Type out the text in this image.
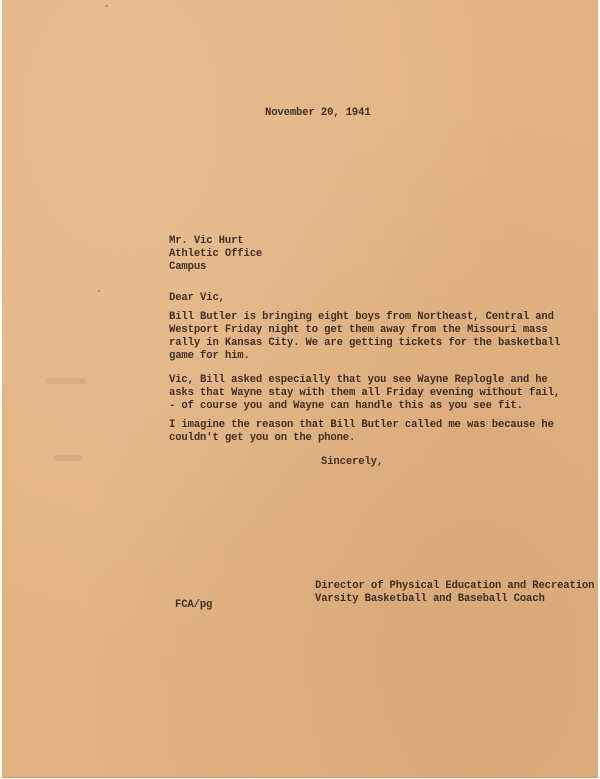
November 20, 1941
Mr. Vic Hurt
Athletic Office
Campus
Dear Vic,
Bill Butler is bringing eight boys from Northeast, Central and
Westport Friday night to get them away from the Missouri mass
rally in Kansas City. We are getting tickets for the basketball
game for him.
Vic, Bill asked especially that you see Wayne Replogle and he
asks that Wayne stay with them all Friday evening without fail,
- of course you and Wayne can handle this as you see fit.
I imagine the reason that Bill Butler called me was because he
couldn't get you on the phone.
Sincerely,
FCA/pg
Director of Physical Education and Recreation
Varsity Basketball and Baseball Coach
